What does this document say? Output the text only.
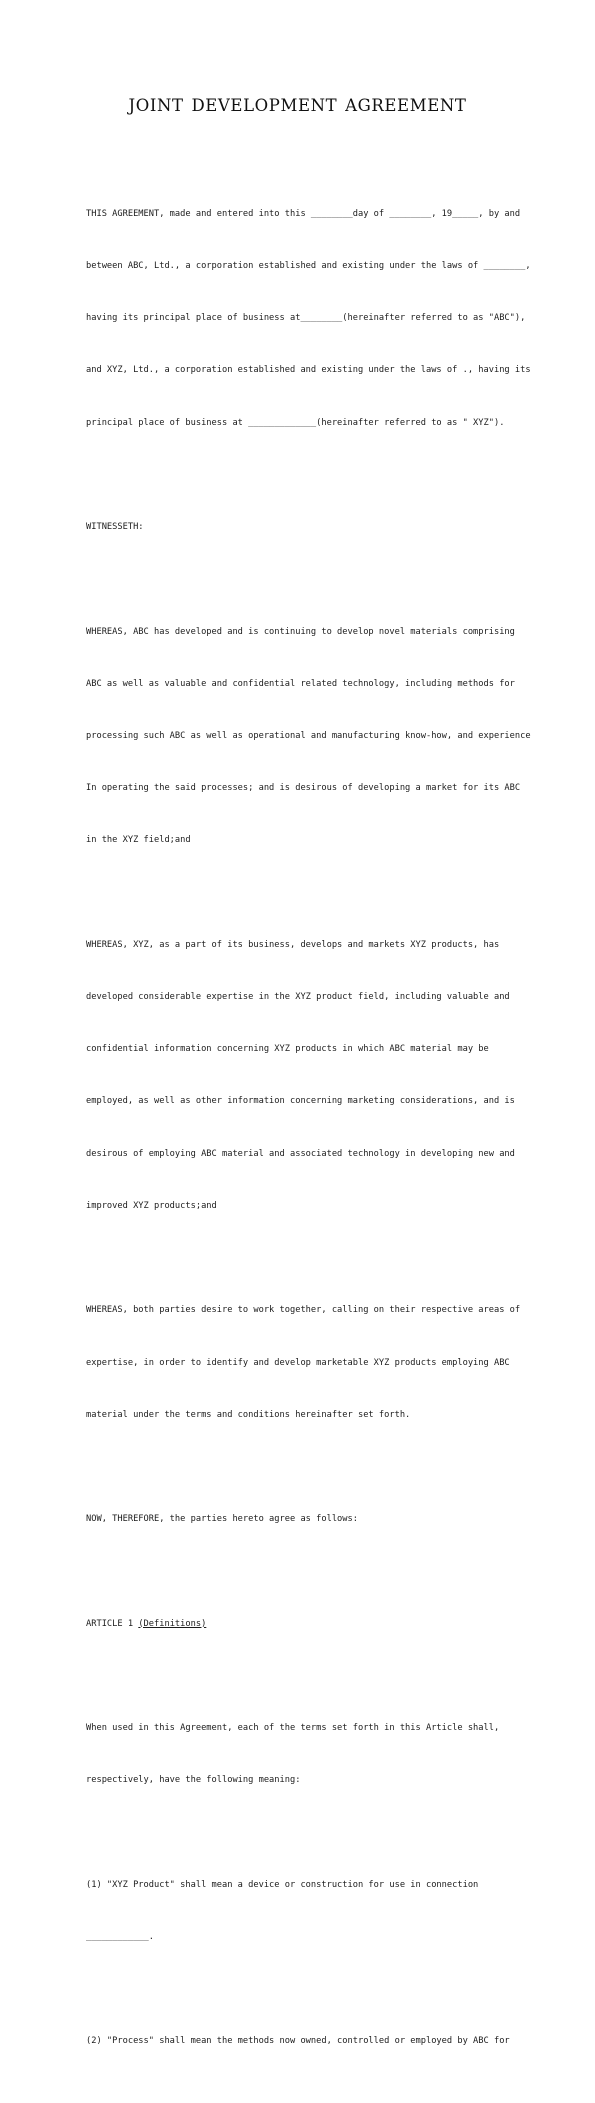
JOINT DEVELOPMENT AGREEMENT

THIS AGREEMENT, made and entered into this ________day of ________, 19_____, by and

between ABC, Ltd., a corporation established and existing under the laws of ________,

having its principal place of business at________(hereinafter referred to as "ABC"),

and XYZ, Ltd., a corporation established and existing under the laws of ., having its

principal place of business at _____________(hereinafter referred to as " XYZ").

WITNESSETH:

WHEREAS, ABC has developed and is continuing to develop novel materials comprising

ABC as well as valuable and confidential related technology, including methods for

processing such ABC as well as operational and manufacturing know-how, and experience

In operating the said processes; and is desirous of developing a market for its ABC

in the XYZ field;and

WHEREAS, XYZ, as a part of its business, develops and markets XYZ products, has

developed considerable expertise in the XYZ product field, including valuable and

confidential information concerning XYZ products in which ABC material may be

employed, as well as other information concerning marketing considerations, and is

desirous of employing ABC material and associated technology in developing new and

improved XYZ products;and

WHEREAS, both parties desire to work together, calling on their respective areas of

expertise, in order to identify and develop marketable XYZ products employing ABC

material under the terms and conditions hereinafter set forth.

NOW, THEREFORE, the parties hereto agree as follows:

ARTICLE 1 (Definitions)

When used in this Agreement, each of the terms set forth in this Article shall,

respectively, have the following meaning:

(1) "XYZ Product" shall mean a device or construction for use in connection

____________.

(2) "Process" shall mean the methods now owned, controlled or employed by ABC for
